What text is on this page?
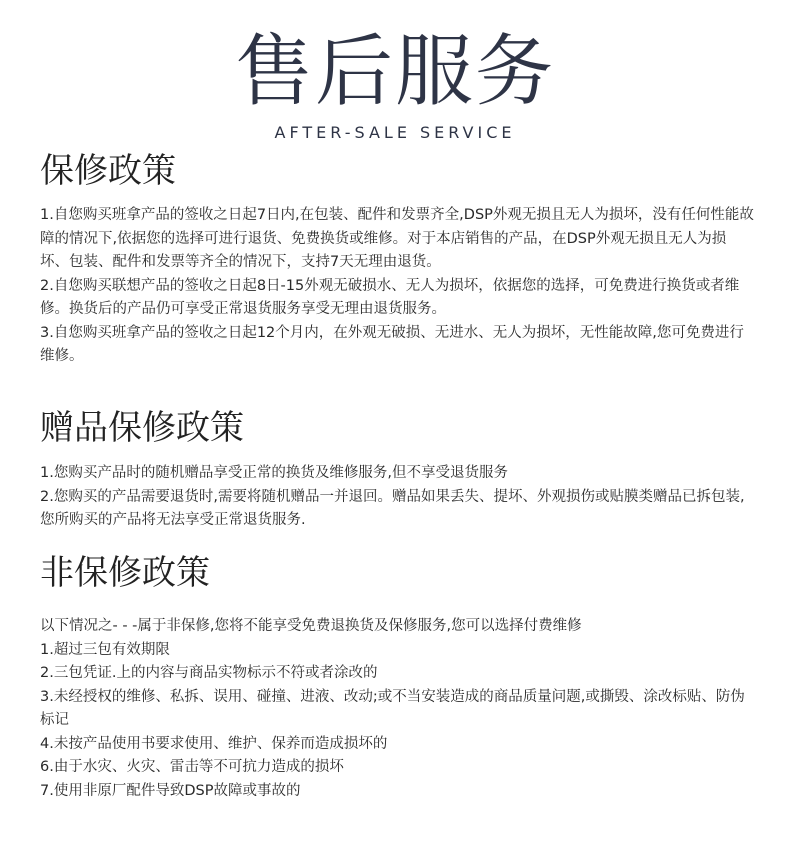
售后服务
AFTER-SALE SERVICE
保修政策

1.自您购买班拿产品的签收之日起7日内,在包装、配件和发票齐全,DSP外观无损且无人为损坏，没有任何性能故障的情况下,依据您的选择可进行退货、免费换货或维修。对于本店销售的产品，在DSP外观无损且无人为损坏、包装、配件和发票等齐全的情况下，支持7天无理由退货。

2.自您购买联想产品的签收之日起8日-15外观无破损水、无人为损坏，依据您的选择，可免费进行换货或者维修。换货后的产品仍可享受正常退货服务享受无理由退货服务。

3.自您购买班拿产品的签收之日起12个月内，在外观无破损、无进水、无人为损坏，无性能故障,您可免费进行维修。

赠品保修政策

1.您购买产品时的随机赠品享受正常的换货及维修服务,但不享受退货服务

2.您购买的产品需要退货时,需要将随机赠品一并退回。赠品如果丢失、提坏、外观损伤或贴膜类赠品已拆包装,您所购买的产品将无法享受正常退货服务.

非保修政策

以下情况之- - -属于非保修,您将不能享受免费退换货及保修服务,您可以选择付费维修

1.超过三包有效期限

2.三包凭证.上的内容与商品实物标示不符或者涂改的

3.未经授权的维修、私拆、误用、碰撞、进液、改动;或不当安装造成的商品质量问题,或撕毁、涂改标贴、防伪标记

4.未按产品使用书要求使用、维护、保养而造成损坏的

6.由于水灾、火灾、雷击等不可抗力造成的损坏

7.使用非原厂配件导致DSP故障或事故的
